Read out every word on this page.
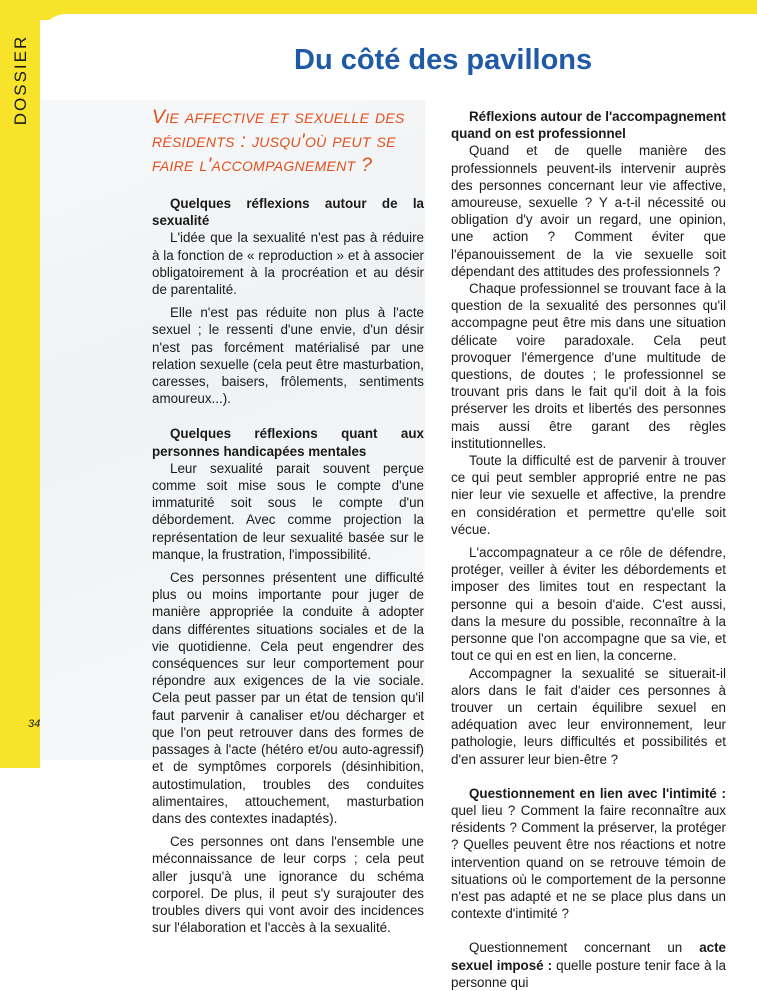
DOSSIER	Du côté des pavillons
Vie affective et sexuelle des résidents : jusqu'où peut se faire l'accompagnement ?

Quelques réflexions autour de la sexualité

L'idée que la sexualité n'est pas à réduire à la fonction de « reproduction » et à associer obligatoirement à la procréation et au désir de parentalité.

Elle n'est pas réduite non plus à l'acte sexuel ; le ressenti d'une envie, d'un désir n'est pas forcément matérialisé par une relation sexuelle (cela peut être masturbation, caresses, baisers, frôlements, sentiments amoureux...).

Quelques réflexions quant aux personnes handicapées mentales

Leur sexualité parait souvent perçue comme soit mise sous le compte d'une immaturité soit sous le compte d'un débordement. Avec comme projection la représentation de leur sexualité basée sur le manque, la frustration, l'impossibilité.

Ces personnes présentent une difficulté plus ou moins importante pour juger de manière appropriée la conduite à adopter dans différentes situations sociales et de la vie quotidienne. Cela peut engendrer des conséquences sur leur comportement pour répondre aux exigences de la vie sociale. Cela peut passer par un état de tension qu'il faut parvenir à canaliser et/ou décharger et que l'on peut retrouver dans des formes de passages à l'acte (hétéro et/ou auto-agressif) et de symptômes corporels (désinhibition, autostimulation, troubles des conduites alimentaires, attouchement, masturbation dans des contextes inadaptés).

Ces personnes ont dans l'ensemble une méconnaissance de leur corps ; cela peut aller jusqu'à une ignorance du schéma corporel. De plus, il peut s'y surajouter des troubles divers qui vont avoir des incidences sur l'élaboration et l'accès à la sexualité.

Réflexions autour de l'accompagnement quand on est professionnel

Quand et de quelle manière des professionnels peuvent-ils intervenir auprès des personnes concernant leur vie affective, amoureuse, sexuelle ? Y a-t-il nécessité ou obligation d'y avoir un regard, une opinion, une action ? Comment éviter que l'épanouissement de la vie sexuelle soit dépendant des attitudes des professionnels ?

Chaque professionnel se trouvant face à la question de la sexualité des personnes qu'il accompagne peut être mis dans une situation délicate voire paradoxale. Cela peut provoquer l'émergence d'une multitude de questions, de doutes ; le professionnel se trouvant pris dans le fait qu'il doit à la fois préserver les droits et libertés des personnes mais aussi être garant des règles institutionnelles.

Toute la difficulté est de parvenir à trouver ce qui peut sembler approprié entre ne pas nier leur vie sexuelle et affective, la prendre en considération et permettre qu'elle soit vécue.

L'accompagnateur a ce rôle de défendre, protéger, veiller à éviter les débordements et imposer des limites tout en respectant la personne qui a besoin d'aide. C'est aussi, dans la mesure du possible, reconnaître à la personne que l'on accompagne que sa vie, et tout ce qui en est en lien, la concerne.

Accompagner la sexualité se situerait-il alors dans le fait d'aider ces personnes à trouver un certain équilibre sexuel en adéquation avec leur environnement, leur pathologie, leurs difficultés et possibilités et d'en assurer leur bien-être ?

Questionnement en lien avec l'intimité : quel lieu ? Comment la faire reconnaître aux résidents ? Comment la préserver, la protéger ? Quelles peuvent être nos réactions et notre intervention quand on se retrouve témoin de situations où le comportement de la personne n'est pas adapté et ne se place plus dans un contexte d'intimité ?

Questionnement concernant un acte sexuel imposé : quelle posture tenir face à la personne qui

34
